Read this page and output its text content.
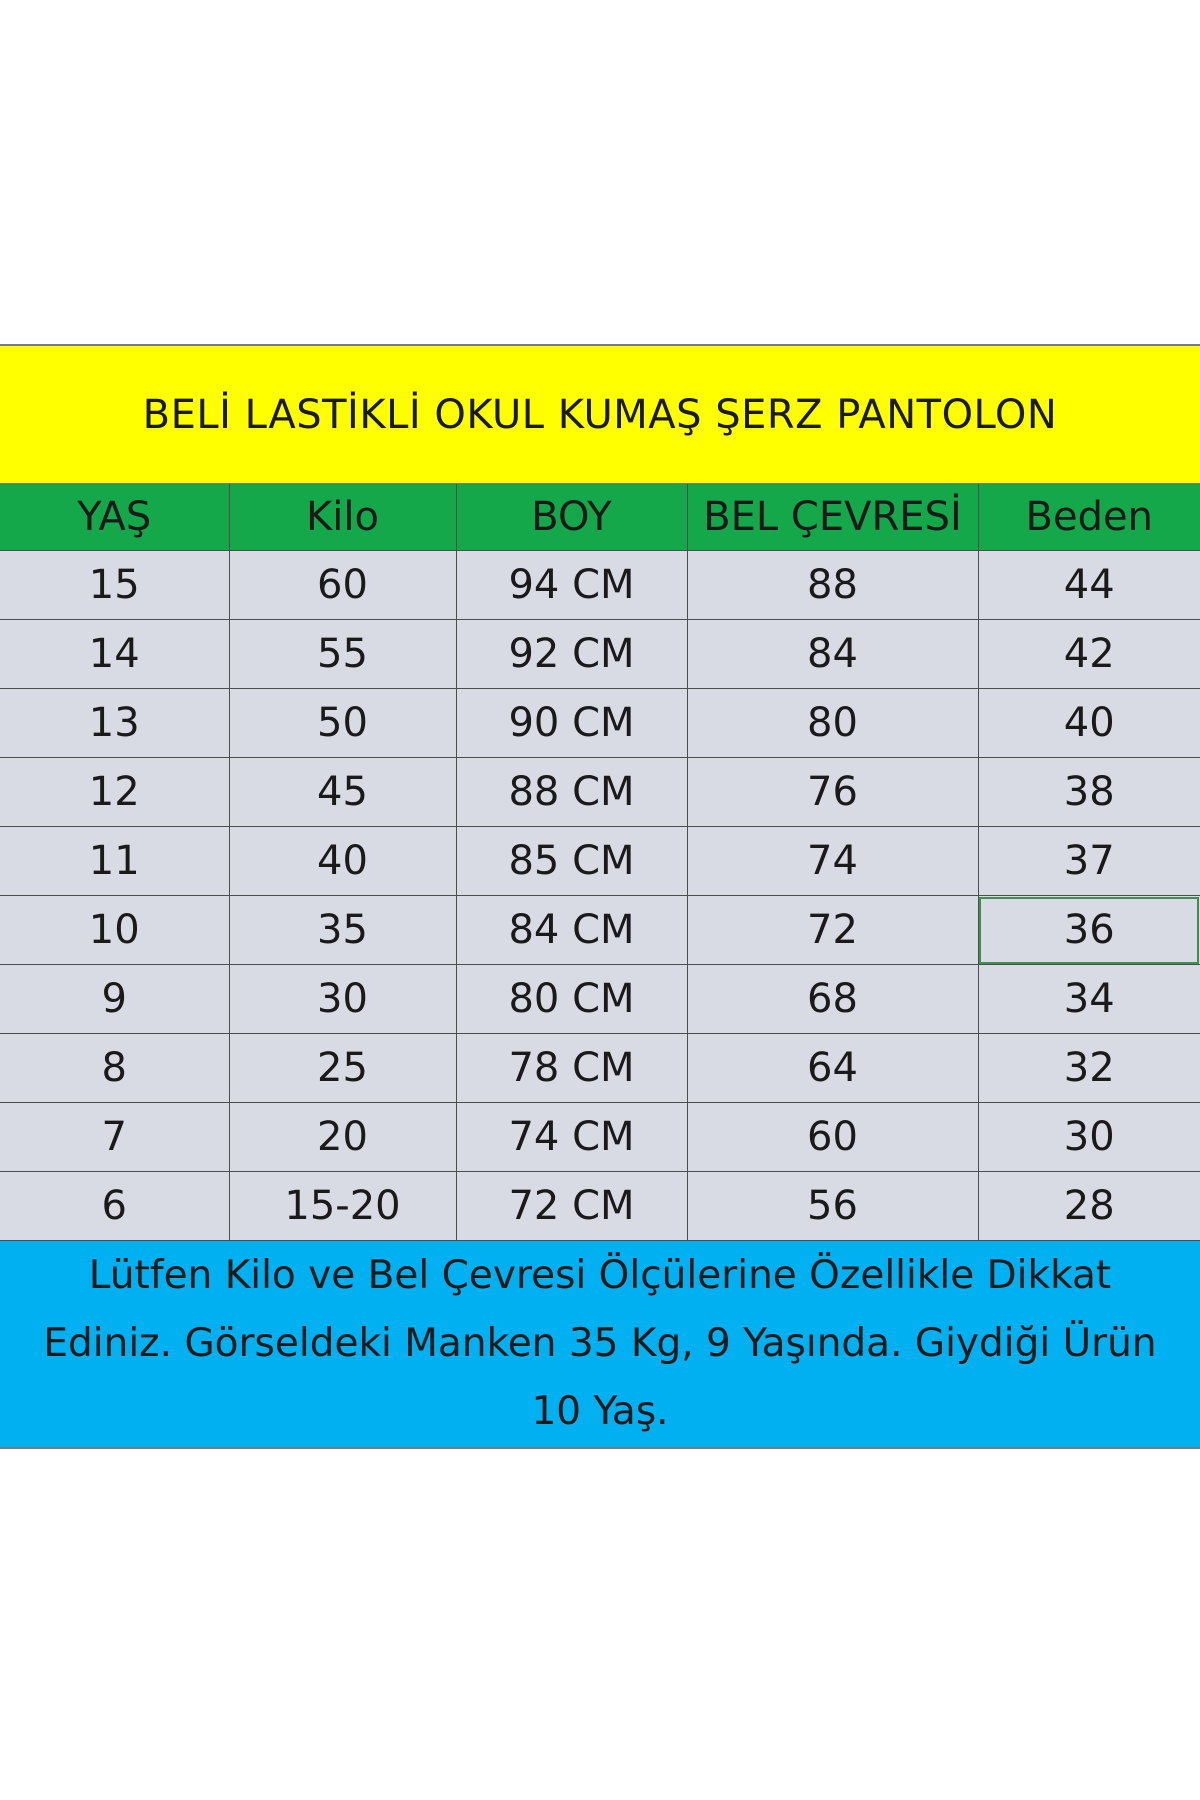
BELİ LASTİKLİ OKUL KUMAŞ ŞERZ PANTOLON
YAŞ	Kilo	BOY	BEL ÇEVRESİ	Beden
15	60	94 CM	88	44
14	55	92 CM	84	42
13	50	90 CM	80	40
12	45	88 CM	76	38
11	40	85 CM	74	37
10	35	84 CM	72	36
9	30	80 CM	68	34
8	25	78 CM	64	32
7	20	74 CM	60	30
6	15-20	72 CM	56	28
Lütfen Kilo ve Bel Çevresi Ölçülerine Özellikle Dikkat Ediniz. Görseldeki Manken 35 Kg, 9 Yaşında. Giydiği Ürün 10 Yaş.
